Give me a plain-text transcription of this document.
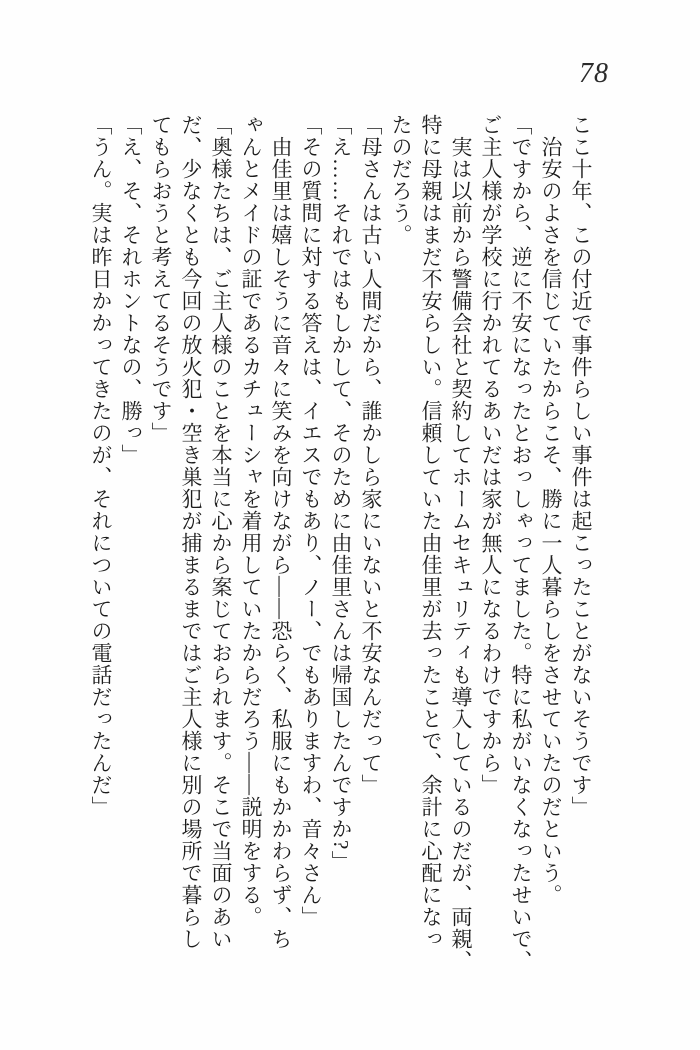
78
ここ十年、この付近で事件らしい事件は起こったことがないそうです」
　治安のよさを信じていたからこそ、勝に一人暮らしをさせていたのだという。
「ですから、逆に不安になったとおっしゃってました。特に私がいなくなったせいで、
ご主人様が学校に行かれてるあいだは家が無人になるわけですから」
　実は以前から警備会社と契約してホームセキュリティも導入しているのだが、両親、
特に母親はまだ不安らしい。信頼していた由佳里が去ったことで、余計に心配になっ
たのだろう。
「母さんは古い人間だから、誰かしら家にいないと不安なんだって」
「え……それではもしかして、そのために由佳里さんは帰国したんですか?」
「その質問に対する答えは、イエスでもあり、ノー、でもありますわ、音々さん」
　由佳里は嬉しそうに音々に笑みを向けながら――恐らく、私服にもかかわらず、ち
ゃんとメイドの証であるカチューシャを着用していたからだろう――説明をする。
「奥様たちは、ご主人様のことを本当に心から案じておられます。そこで当面のあい
だ、少なくとも今回の放火犯・空き巣犯が捕まるまではご主人様に別の場所で暮らし
てもらおうと考えてるそうです」
「え、そ、それホントなの、勝っ」
「うん。実は昨日かかってきたのが、それについての電話だったんだ」
